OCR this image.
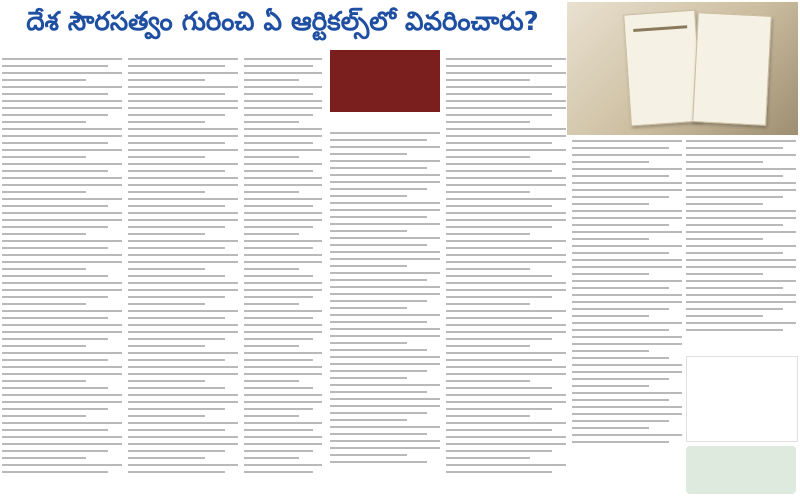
దేశ సౌరసత్వం గురించి ఏ ఆర్టికల్స్‌లో వివరించారు?
